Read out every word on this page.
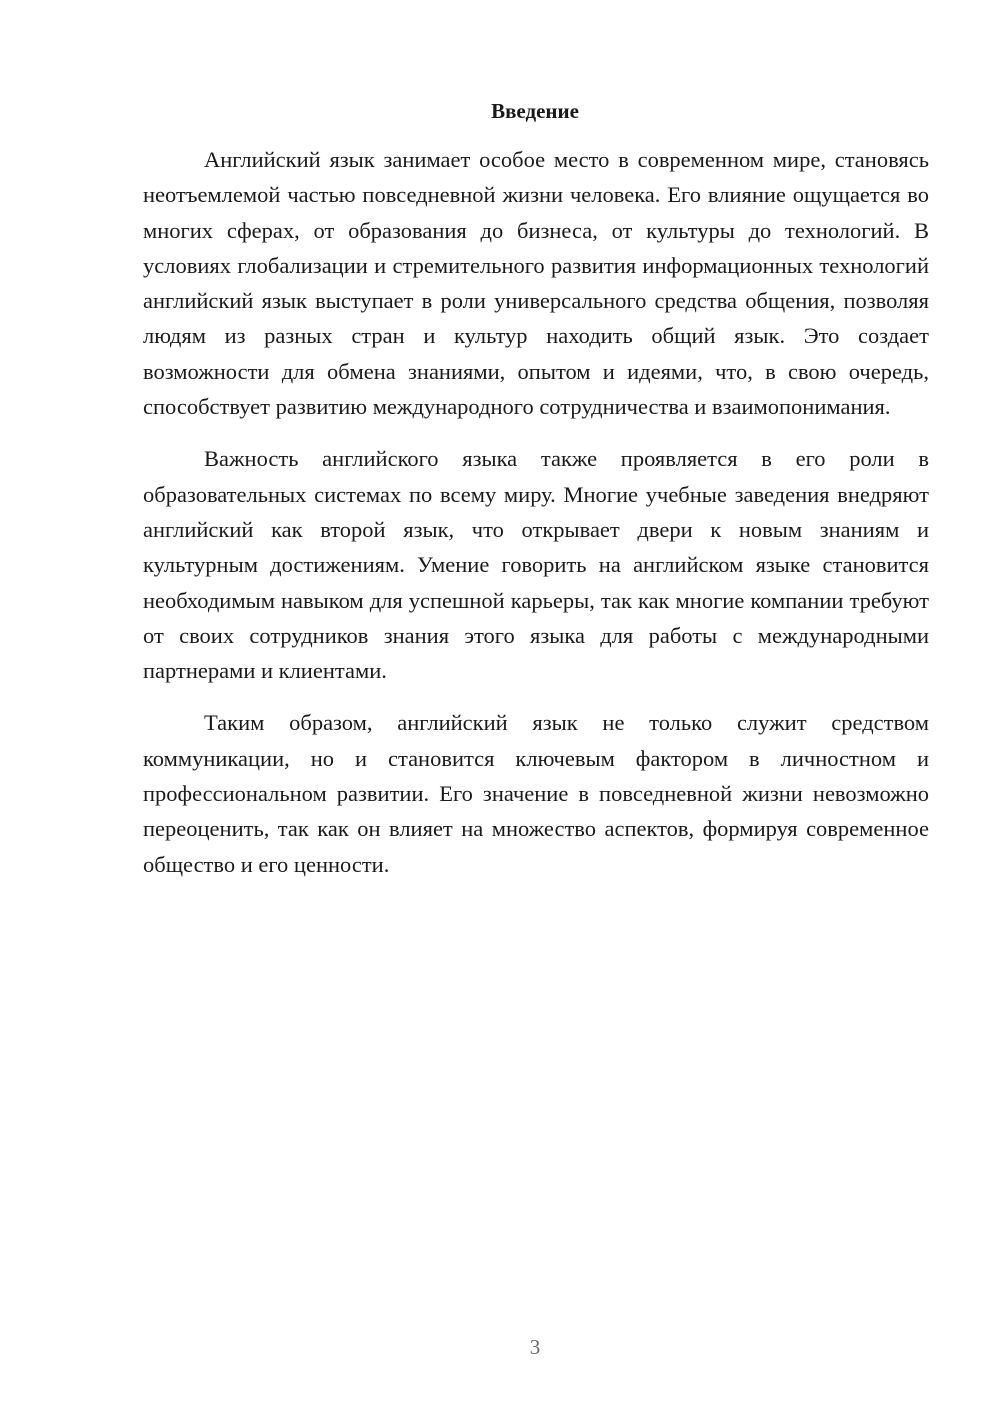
Введение

Английский язык занимает особое место в современном мире, становясь неотъемлемой частью повседневной жизни человека. Его влияние ощущается во многих сферах, от образования до бизнеса, от культуры до технологий. В условиях глобализации и стремительного развития информационных технологий английский язык выступает в роли универсального средства общения, позволяя людям из разных стран и культур находить общий язык. Это создает возможности для обмена знаниями, опытом и идеями, что, в свою очередь, способствует развитию международного сотрудничества и взаимопонимания.

Важность английского языка также проявляется в его роли в образовательных системах по всему миру. Многие учебные заведения внедряют английский как второй язык, что открывает двери к новым знаниям и культурным достижениям. Умение говорить на английском языке становится необходимым навыком для успешной карьеры, так как многие компании требуют от своих сотрудников знания этого языка для работы с международными партнерами и клиентами.

Таким образом, английский язык не только служит средством коммуникации, но и становится ключевым фактором в личностном и профессиональном развитии. Его значение в повседневной жизни невозможно переоценить, так как он влияет на множество аспектов, формируя современное общество и его ценности.

3
